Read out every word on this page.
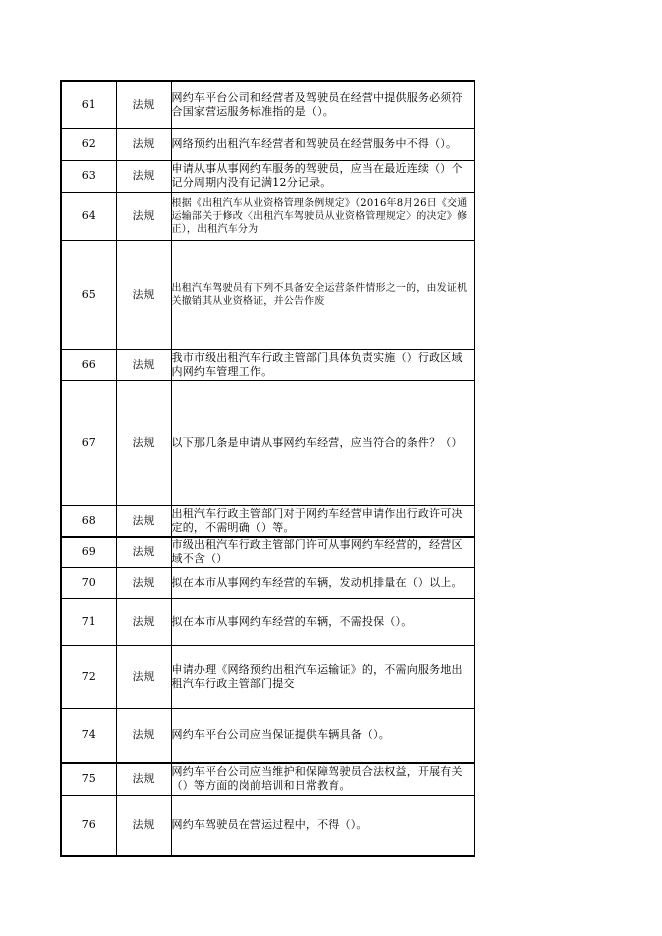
61	法规	网约车平台公司和经营者及驾驶员在经营中提供服务必须符合国家营运服务标准指的是（）。
62	法规	网络预约出租汽车经营者和驾驶员在经营服务中不得（）。
63	法规	申请从事从事网约车服务的驾驶员，应当在最近连续（）个记分周期内没有记满12分记录。
64	法规	根据《出租汽车从业资格管理条例规定》（2016年8月26日《交通运输部关于修改〈出租汽车驾驶员从业资格管理规定〉的决定》修正），出租汽车分为
65	法规	出租汽车驾驶员有下列不具备安全运营条件情形之一的，由发证机关撤销其从业资格证，并公告作废
66	法规	我市市级出租汽车行政主管部门具体负责实施（）行政区域内网约车管理工作。
67	法规	以下那几条是申请从事网约车经营，应当符合的条件？（）
68	法规	出租汽车行政主管部门对于网约车经营申请作出行政许可决定的，不需明确（）等。
69	法规	市级出租汽车行政主管部门许可从事网约车经营的，经营区域不含（）
70	法规	拟在本市从事网约车经营的车辆，发动机排量在（）以上。
71	法规	拟在本市从事网约车经营的车辆，不需投保（）。
72	法规	申请办理《网络预约出租汽车运输证》的，不需向服务地出租汽车行政主管部门提交
74	法规	网约车平台公司应当保证提供车辆具备（）。
75	法规	网约车平台公司应当维护和保障驾驶员合法权益，开展有关（）等方面的岗前培训和日常教育。
76	法规	网约车驾驶员在营运过程中，不得（）。
